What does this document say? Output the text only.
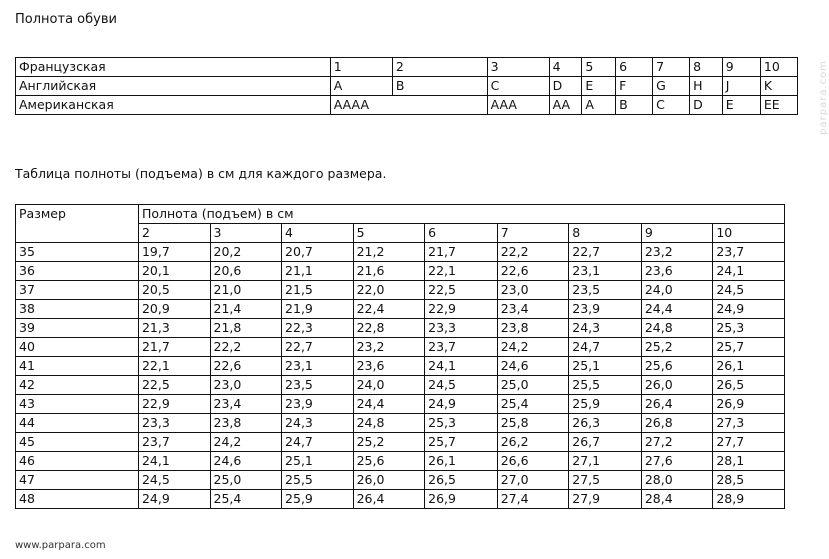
Полнота обуви
Французская	1	2	3	4	5	6	7	8	9	10
Английская	A	B	C	D	E	F	G	H	J	K
Американская	AAAA		AAA	AA	A	B	C	D	E	EE
Таблица полноты (подъема) в см для каждого размера.
Размер	Полнота (подъем) в см								
	2	3	4	5	6	7	8	9	10
35	19,7	20,2	20,7	21,2	21,7	22,2	22,7	23,2	23,7
36	20,1	20,6	21,1	21,6	22,1	22,6	23,1	23,6	24,1
37	20,5	21,0	21,5	22,0	22,5	23,0	23,5	24,0	24,5
38	20,9	21,4	21,9	22,4	22,9	23,4	23,9	24,4	24,9
39	21,3	21,8	22,3	22,8	23,3	23,8	24,3	24,8	25,3
40	21,7	22,2	22,7	23,2	23,7	24,2	24,7	25,2	25,7
41	22,1	22,6	23,1	23,6	24,1	24,6	25,1	25,6	26,1
42	22,5	23,0	23,5	24,0	24,5	25,0	25,5	26,0	26,5
43	22,9	23,4	23,9	24,4	24,9	25,4	25,9	26,4	26,9
44	23,3	23,8	24,3	24,8	25,3	25,8	26,3	26,8	27,3
45	23,7	24,2	24,7	25,2	25,7	26,2	26,7	27,2	27,7
46	24,1	24,6	25,1	25,6	26,1	26,6	27,1	27,6	28,1
47	24,5	25,0	25,5	26,0	26,5	27,0	27,5	28,0	28,5
48	24,9	25,4	25,9	26,4	26,9	27,4	27,9	28,4	28,9
www.parpara.com
parpara.com
